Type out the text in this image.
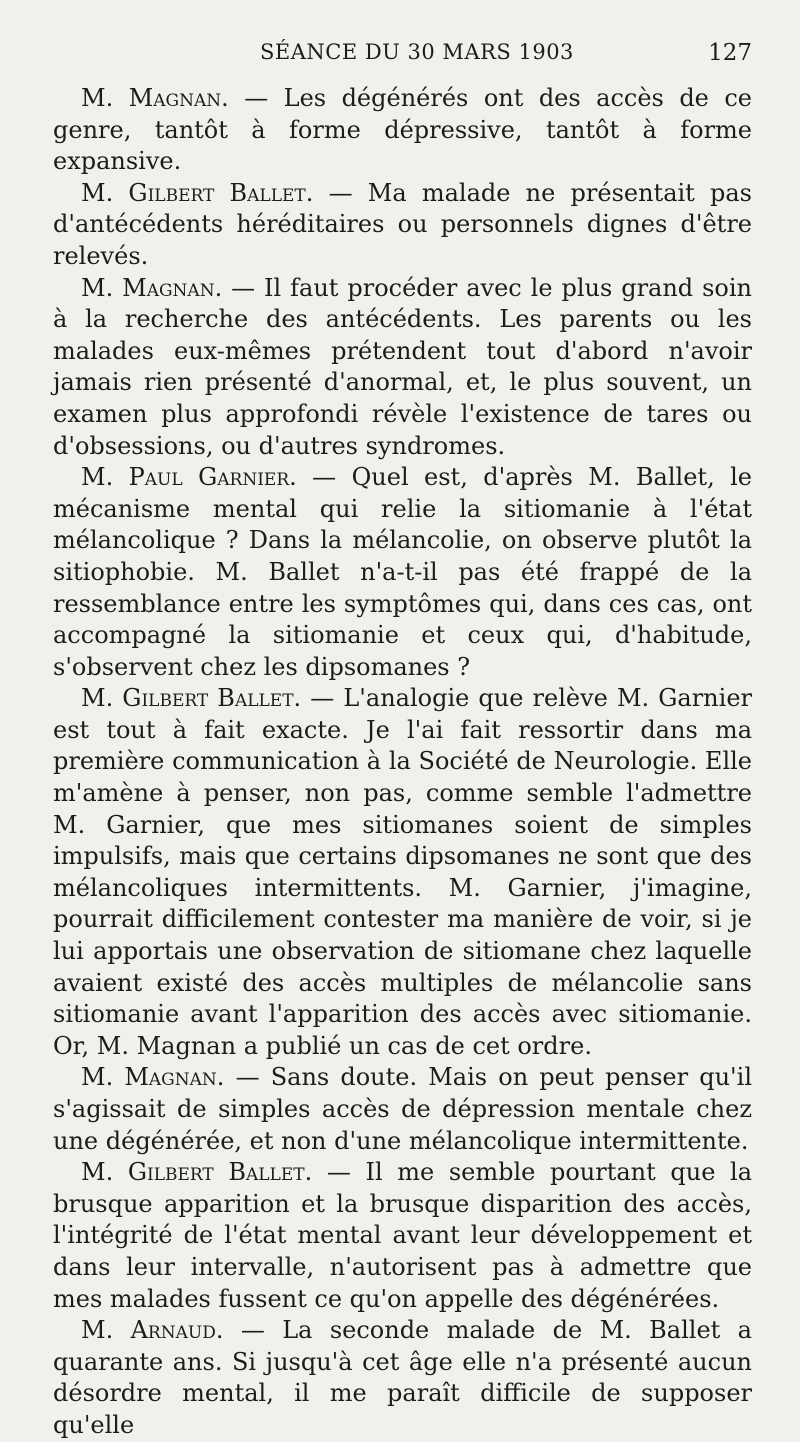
SÉANCE DU 30 MARS 1903	127

M. Magnan. — Les dégénérés ont des accès de ce genre, tantôt à forme dépressive, tantôt à forme expansive.

M. Gilbert Ballet. — Ma malade ne présentait pas d'antécédents héréditaires ou personnels dignes d'être relevés.

M. Magnan. — Il faut procéder avec le plus grand soin à la recherche des antécédents. Les parents ou les malades eux-mêmes prétendent tout d'abord n'avoir jamais rien présenté d'anormal, et, le plus souvent, un examen plus approfondi révèle l'existence de tares ou d'obsessions, ou d'autres syndromes.

M. Paul Garnier. — Quel est, d'après M. Ballet, le mécanisme mental qui relie la sitiomanie à l'état mélancolique ? Dans la mélancolie, on observe plutôt la sitiophobie. M. Ballet n'a-t-il pas été frappé de la ressemblance entre les symptômes qui, dans ces cas, ont accompagné la sitiomanie et ceux qui, d'habitude, s'observent chez les dipsomanes ?

M. Gilbert Ballet. — L'analogie que relève M. Garnier est tout à fait exacte. Je l'ai fait ressortir dans ma première communication à la Société de Neurologie. Elle m'amène à penser, non pas, comme semble l'admettre M. Garnier, que mes sitiomanes soient de simples impulsifs, mais que certains dipsomanes ne sont que des mélancoliques intermittents. M. Garnier, j'imagine, pourrait difficilement contester ma manière de voir, si je lui apportais une observation de sitiomane chez laquelle avaient existé des accès multiples de mélancolie sans sitiomanie avant l'apparition des accès avec sitiomanie. Or, M. Magnan a publié un cas de cet ordre.

M. Magnan. — Sans doute. Mais on peut penser qu'il s'agissait de simples accès de dépression mentale chez une dégénérée, et non d'une mélancolique intermittente.

M. Gilbert Ballet. — Il me semble pourtant que la brusque apparition et la brusque disparition des accès, l'intégrité de l'état mental avant leur développement et dans leur intervalle, n'autorisent pas à admettre que mes malades fussent ce qu'on appelle des dégénérées.

M. Arnaud. — La seconde malade de M. Ballet a quarante ans. Si jusqu'à cet âge elle n'a présenté aucun désordre mental, il me paraît difficile de supposer qu'elle
